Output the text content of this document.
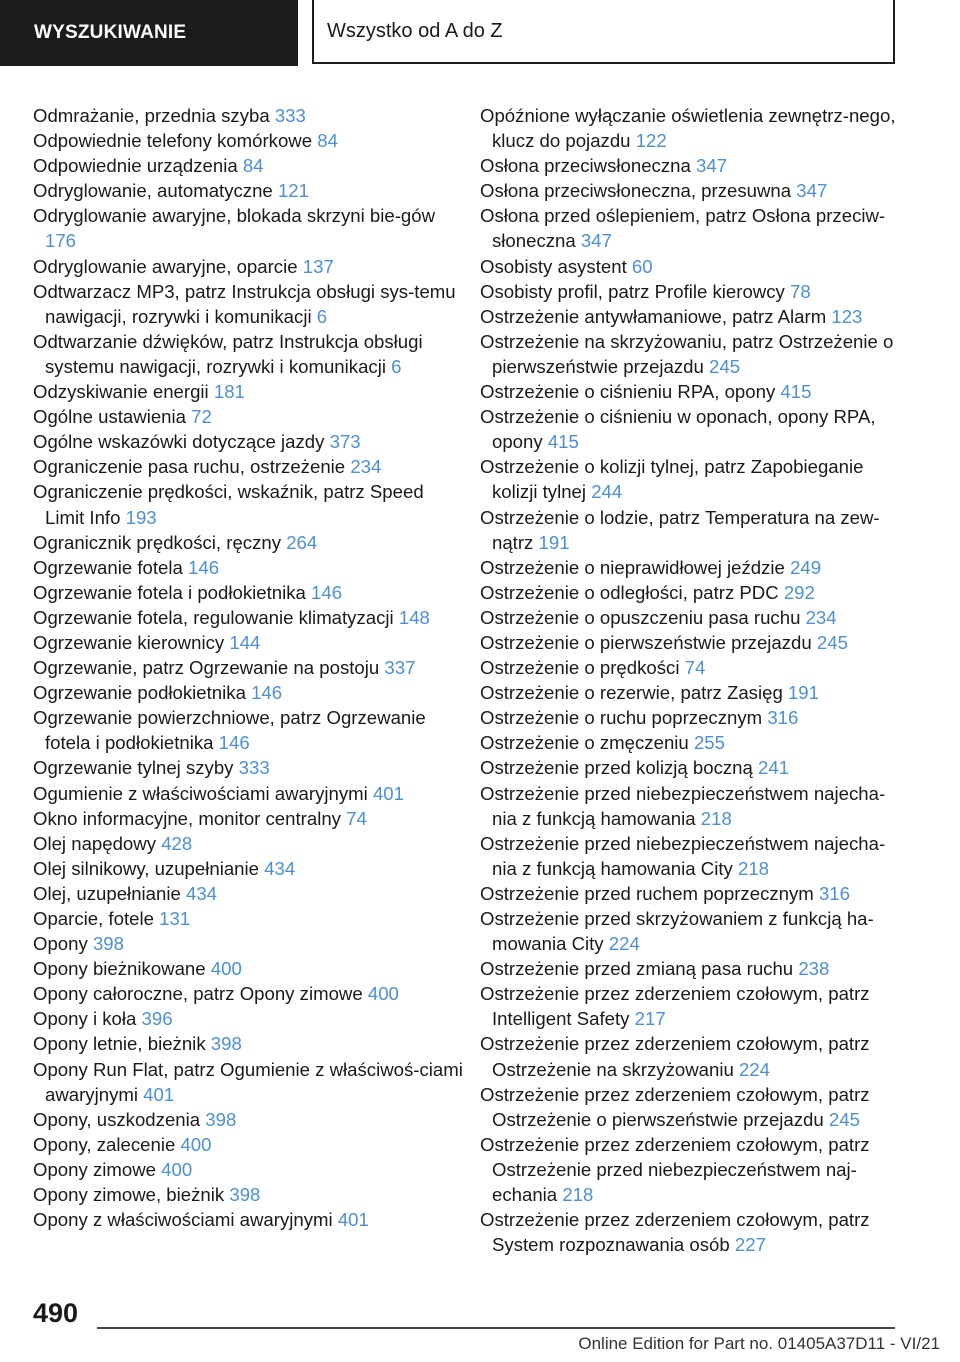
WYSZUKIWANIE	Wszystko od A do Z
Odmrażanie, przednia szyba 333
Odpowiednie telefony komórkowe 84
Odpowiednie urządzenia 84
Odryglowanie, automatyczne 121
Odryglowanie awaryjne, blokada skrzyni bie-gów 176
Odryglowanie awaryjne, oparcie 137
Odtwarzacz MP3, patrz Instrukcja obsługi sys-temu nawigacji, rozrywki i komunikacji 6
Odtwarzanie dźwięków, patrz Instrukcja obsługi systemu nawigacji, rozrywki i komunikacji 6
Odzyskiwanie energii 181
Ogólne ustawienia 72
Ogólne wskazówki dotyczące jazdy 373
Ograniczenie pasa ruchu, ostrzeżenie 234
Ograniczenie prędkości, wskaźnik, patrz Speed Limit Info 193
Ogranicznik prędkości, ręczny 264
Ogrzewanie fotela 146
Ogrzewanie fotela i podłokietnika 146
Ogrzewanie fotela, regulowanie klimatyzacji 148
Ogrzewanie kierownicy 144
Ogrzewanie, patrz Ogrzewanie na postoju 337
Ogrzewanie podłokietnika 146
Ogrzewanie powierzchniowe, patrz Ogrzewanie fotela i podłokietnika 146
Ogrzewanie tylnej szyby 333
Ogumienie z właściwościami awaryjnymi 401
Okno informacyjne, monitor centralny 74
Olej napędowy 428
Olej silnikowy, uzupełnianie 434
Olej, uzupełnianie 434
Oparcie, fotele 131
Opony 398
Opony bieżnikowane 400
Opony całoroczne, patrz Opony zimowe 400
Opony i koła 396
Opony letnie, bieżnik 398
Opony Run Flat, patrz Ogumienie z właściwoś-ciami awaryjnymi 401
Opony, uszkodzenia 398
Opony, zalecenie 400
Opony zimowe 400
Opony zimowe, bieżnik 398
Opony z właściwościami awaryjnymi 401
Opóźnione wyłączanie oświetlenia zewnętrz-nego, klucz do pojazdu 122
Osłona przeciwsłoneczna 347
Osłona przeciwsłoneczna, przesuwna 347
Osłona przed oślepieniem, patrz Osłona przeciw-słoneczna 347
Osobisty asystent 60
Osobisty profil, patrz Profile kierowcy 78
Ostrzeżenie antywłamaniowe, patrz Alarm 123
Ostrzeżenie na skrzyżowaniu, patrz Ostrzeżenie o pierwszeństwie przejazdu 245
Ostrzeżenie o ciśnieniu RPA, opony 415
Ostrzeżenie o ciśnieniu w oponach, opony RPA, opony 415
Ostrzeżenie o kolizji tylnej, patrz Zapobieganie kolizji tylnej 244
Ostrzeżenie o lodzie, patrz Temperatura na zew-nątrz 191
Ostrzeżenie o nieprawidłowej jeździe 249
Ostrzeżenie o odległości, patrz PDC 292
Ostrzeżenie o opuszczeniu pasa ruchu 234
Ostrzeżenie o pierwszeństwie przejazdu 245
Ostrzeżenie o prędkości 74
Ostrzeżenie o rezerwie, patrz Zasięg 191
Ostrzeżenie o ruchu poprzecznym 316
Ostrzeżenie o zmęczeniu 255
Ostrzeżenie przed kolizją boczną 241
Ostrzeżenie przed niebezpieczeństwem najecha-nia z funkcją hamowania 218
Ostrzeżenie przed niebezpieczeństwem najecha-nia z funkcją hamowania City 218
Ostrzeżenie przed ruchem poprzecznym 316
Ostrzeżenie przed skrzyżowaniem z funkcją ha-mowania City 224
Ostrzeżenie przed zmianą pasa ruchu 238
Ostrzeżenie przez zderzeniem czołowym, patrz Intelligent Safety 217
Ostrzeżenie przez zderzeniem czołowym, patrz Ostrzeżenie na skrzyżowaniu 224
Ostrzeżenie przez zderzeniem czołowym, patrz Ostrzeżenie o pierwszeństwie przejazdu 245
Ostrzeżenie przez zderzeniem czołowym, patrz Ostrzeżenie przed niebezpieczeństwem naj-echania 218
Ostrzeżenie przez zderzeniem czołowym, patrz System rozpoznawania osób 227
490
Online Edition for Part no. 01405A37D11 - VI/21
